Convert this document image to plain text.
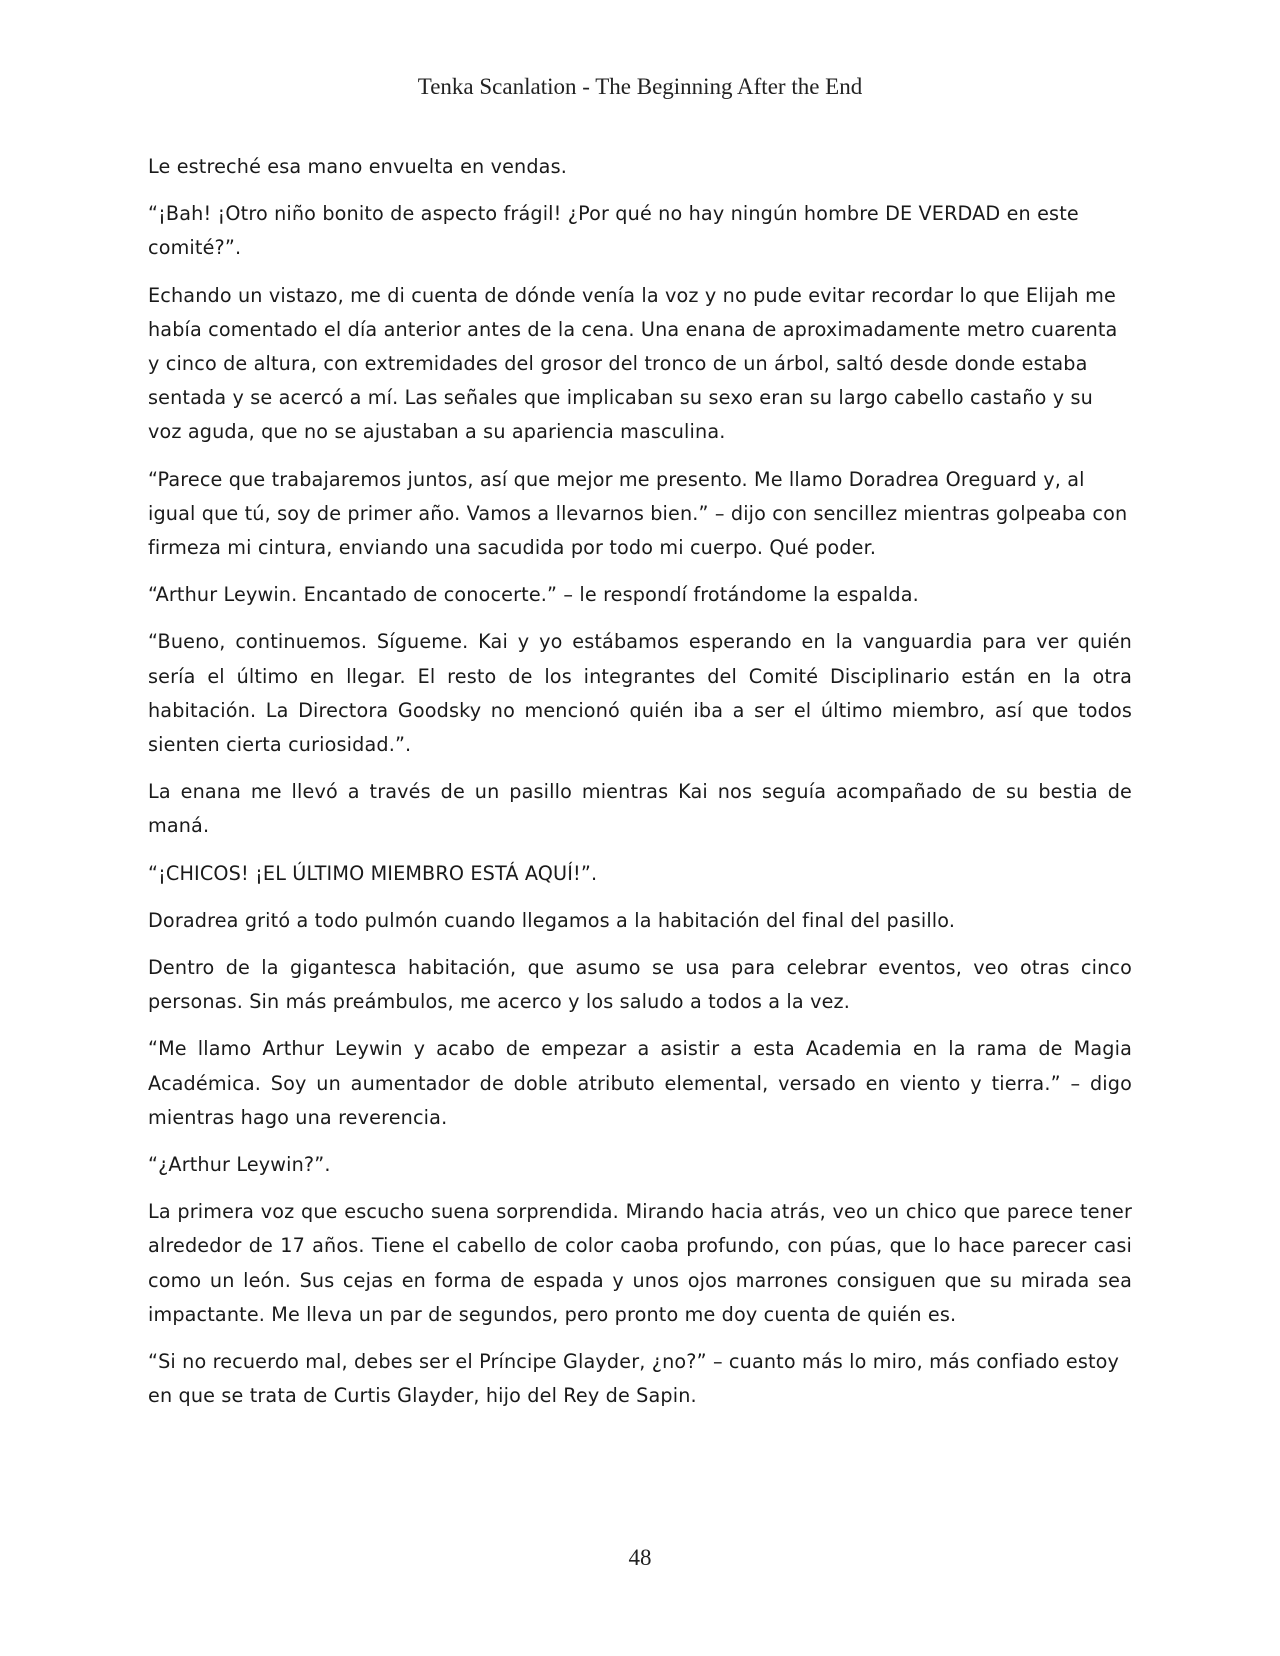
Tenka Scanlation - The Beginning After the End

Le estreché esa mano envuelta en vendas.

“¡Bah! ¡Otro niño bonito de aspecto frágil! ¿Por qué no hay ningún hombre DE VERDAD en este comité?”.

Echando un vistazo, me di cuenta de dónde venía la voz y no pude evitar recordar lo que Elijah me había comentado el día anterior antes de la cena. Una enana de aproximadamente metro cuarenta y cinco de altura, con extremidades del grosor del tronco de un árbol, saltó desde donde estaba sentada y se acercó a mí. Las señales que implicaban su sexo eran su largo cabello castaño y su voz aguda, que no se ajustaban a su apariencia masculina.

“Parece que trabajaremos juntos, así que mejor me presento. Me llamo Doradrea Oreguard y, al igual que tú, soy de primer año. Vamos a llevarnos bien.” – dijo con sencillez mientras golpeaba con firmeza mi cintura, enviando una sacudida por todo mi cuerpo. Qué poder.

“Arthur Leywin. Encantado de conocerte.” – le respondí frotándome la espalda.

“Bueno, continuemos. Sígueme. Kai y yo estábamos esperando en la vanguardia para ver quién sería el último en llegar. El resto de los integrantes del Comité Disciplinario están en la otra habitación. La Directora Goodsky no mencionó quién iba a ser el último miembro, así que todos sienten cierta curiosidad.”.

La enana me llevó a través de un pasillo mientras Kai nos seguía acompañado de su bestia de maná.

“¡CHICOS! ¡EL ÚLTIMO MIEMBRO ESTÁ AQUÍ!”.

Doradrea gritó a todo pulmón cuando llegamos a la habitación del final del pasillo.

Dentro de la gigantesca habitación, que asumo se usa para celebrar eventos, veo otras cinco personas. Sin más preámbulos, me acerco y los saludo a todos a la vez.

“Me llamo Arthur Leywin y acabo de empezar a asistir a esta Academia en la rama de Magia Académica. Soy un aumentador de doble atributo elemental, versado en viento y tierra.” – digo mientras hago una reverencia.

“¿Arthur Leywin?”.

La primera voz que escucho suena sorprendida. Mirando hacia atrás, veo un chico que parece tener alrededor de 17 años. Tiene el cabello de color caoba profundo, con púas, que lo hace parecer casi como un león. Sus cejas en forma de espada y unos ojos marrones consiguen que su mirada sea impactante. Me lleva un par de segundos, pero pronto me doy cuenta de quién es.

“Si no recuerdo mal, debes ser el Príncipe Glayder, ¿no?” – cuanto más lo miro, más confiado estoy en que se trata de Curtis Glayder, hijo del Rey de Sapin.

48
